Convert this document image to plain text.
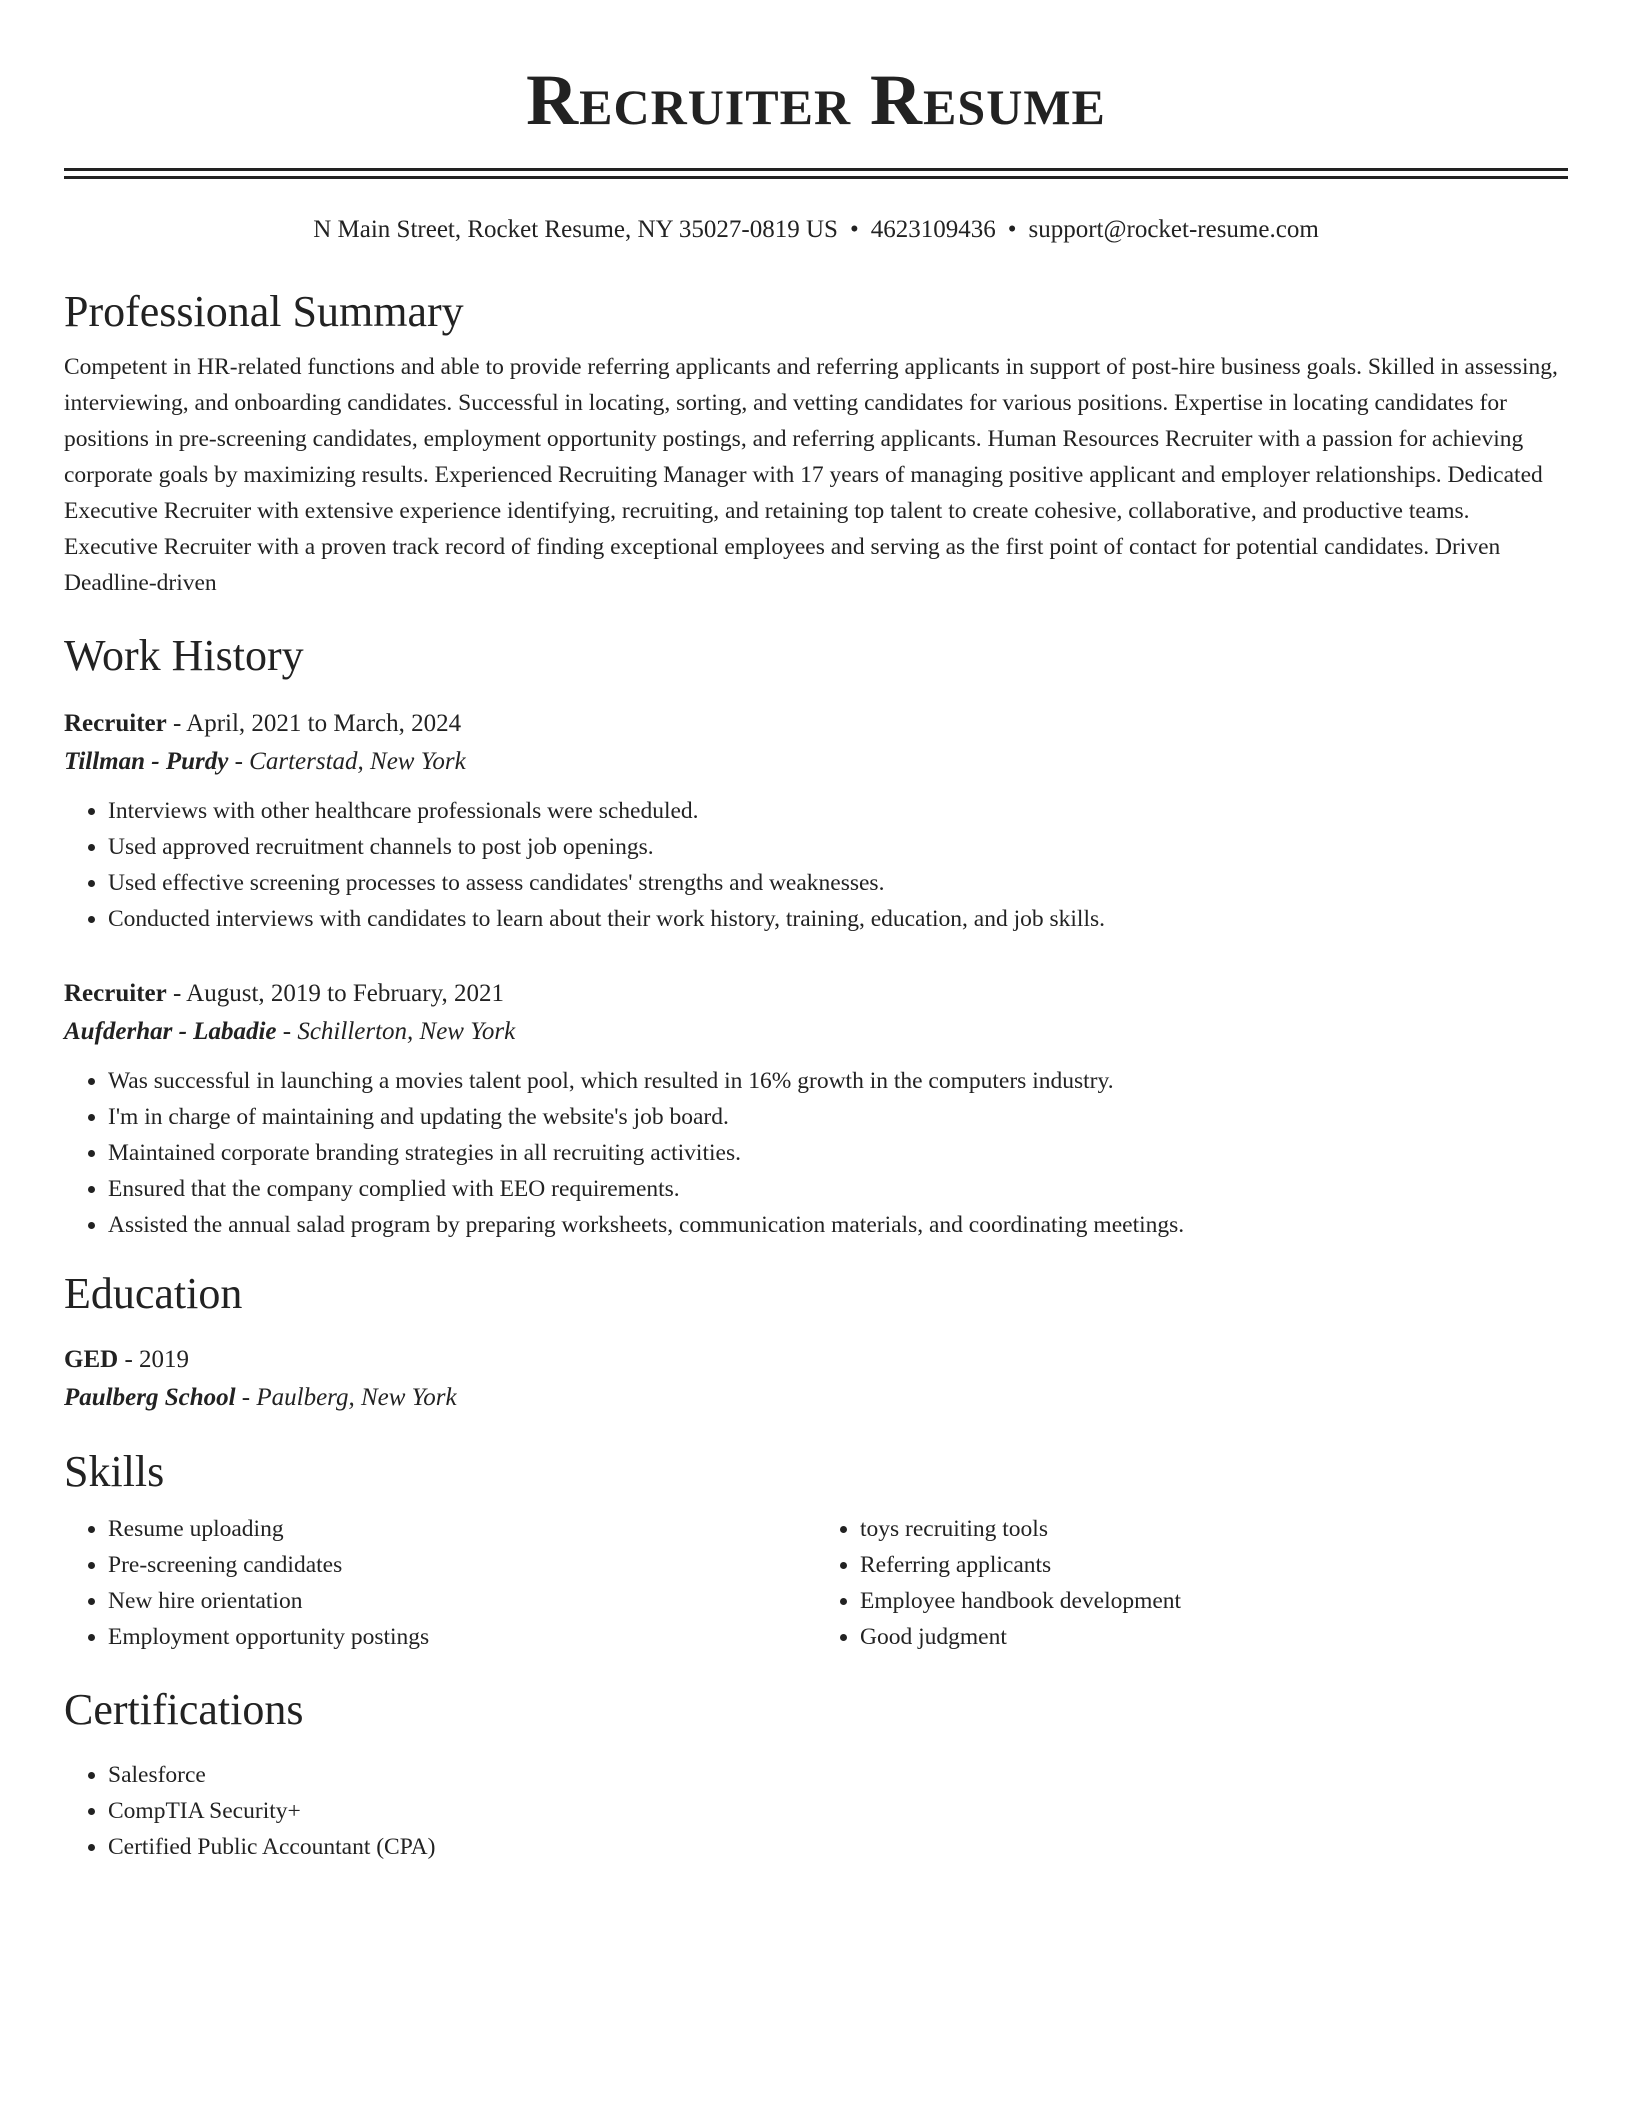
Recruiter Resume
N Main Street, Rocket Resume, NY 35027-0819 US • 4623109436 • support@rocket-resume.com
Professional Summary
Competent in HR-related functions and able to provide referring applicants and referring applicants in support of post-hire business goals. Skilled in assessing, interviewing, and onboarding candidates. Successful in locating, sorting, and vetting candidates for various positions. Expertise in locating candidates for positions in pre-screening candidates, employment opportunity postings, and referring applicants. Human Resources Recruiter with a passion for achieving corporate goals by maximizing results. Experienced Recruiting Manager with 17 years of managing positive applicant and employer relationships. Dedicated Executive Recruiter with extensive experience identifying, recruiting, and retaining top talent to create cohesive, collaborative, and productive teams. Executive Recruiter with a proven track record of finding exceptional employees and serving as the first point of contact for potential candidates. Driven Deadline-driven
Work History
Recruiter - April, 2021 to March, 2024
Tillman - Purdy - Carterstad, New York
• Interviews with other healthcare professionals were scheduled.
• Used approved recruitment channels to post job openings.
• Used effective screening processes to assess candidates' strengths and weaknesses.
• Conducted interviews with candidates to learn about their work history, training, education, and job skills.
Recruiter - August, 2019 to February, 2021
Aufderhar - Labadie - Schillerton, New York
• Was successful in launching a movies talent pool, which resulted in 16% growth in the computers industry.
• I'm in charge of maintaining and updating the website's job board.
• Maintained corporate branding strategies in all recruiting activities.
• Ensured that the company complied with EEO requirements.
• Assisted the annual salad program by preparing worksheets, communication materials, and coordinating meetings.
Education
GED - 2019
Paulberg School - Paulberg, New York
Skills
• Resume uploading
• Pre-screening candidates
• New hire orientation
• Employment opportunity postings
• toys recruiting tools
• Referring applicants
• Employee handbook development
• Good judgment
Certifications
• Salesforce
• CompTIA Security+
• Certified Public Accountant (CPA)
